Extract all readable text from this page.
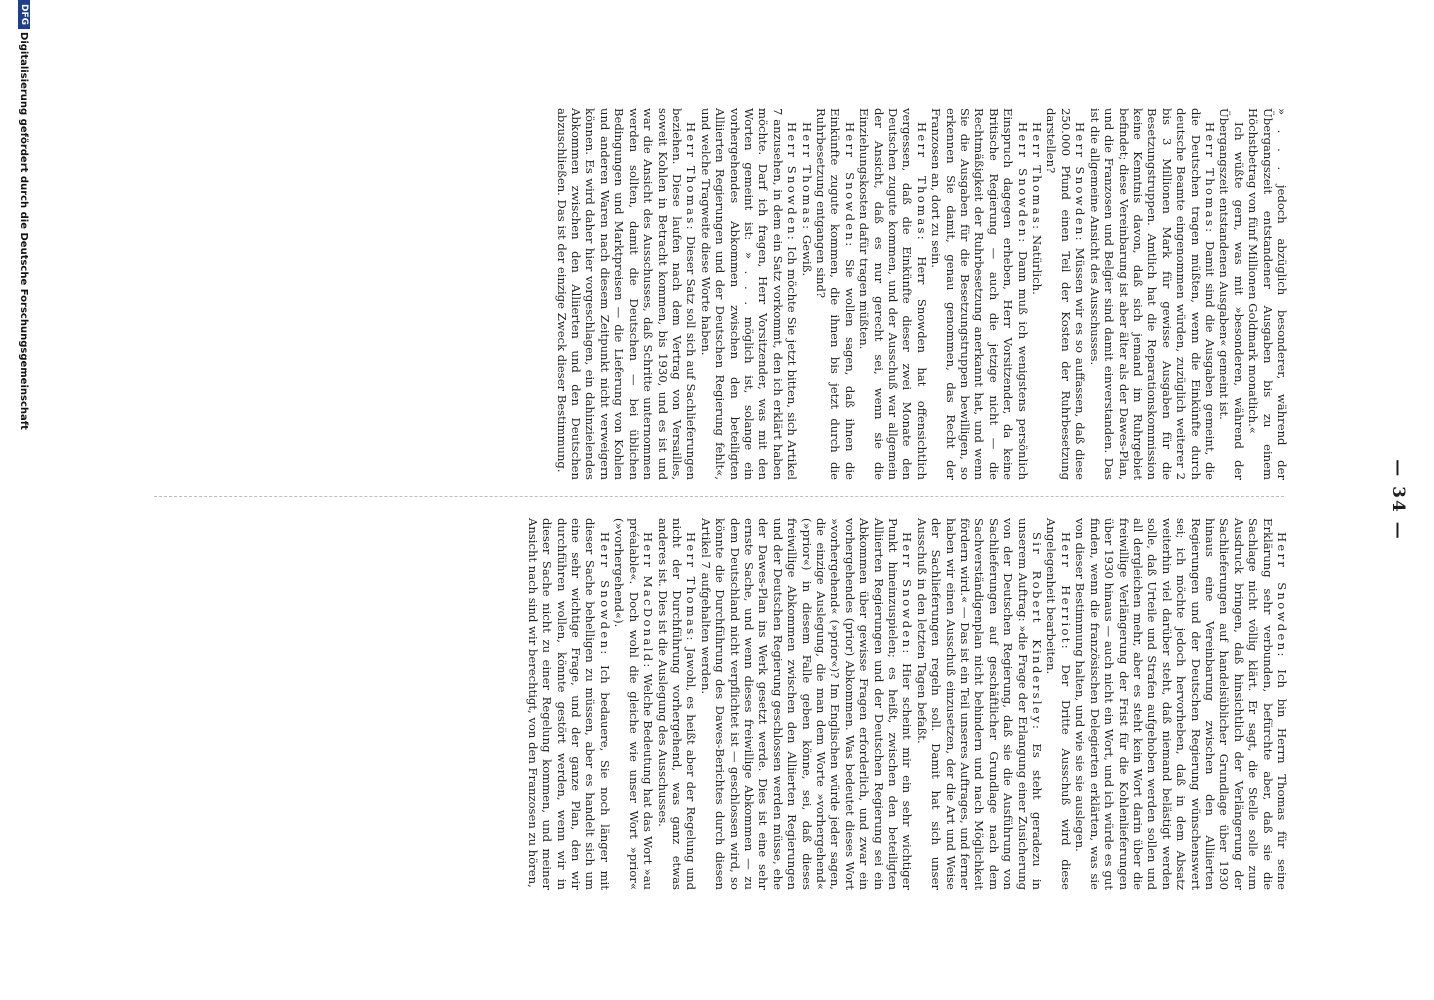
— 34 —

» . . . jedoch abzüglich besonderer, während der Übergangszeit entstandener Ausgaben bis zu einem Höchstbetrag von fünf Millionen Goldmark monatlich.«

Ich wüßte gern, was mit »besonderen, während der Übergangszeit entstandenen Ausgaben« gemeint ist.

Herr Thomas: Damit sind die Ausgaben gemeint, die die Deutschen tragen müßten, wenn die Einkünfte durch deutsche Beamte eingenommen würden, zuzüglich weiterer 2 bis 3 Millionen Mark für gewisse Ausgaben für die Besetzungstruppen. Amtlich hat die Reparationskommission keine Kenntnis davon, daß sich jemand im Ruhrgebiet befindet; diese Vereinbarung ist aber älter als der Dawes-Plan, und die Franzosen und Belgier sind damit einverstanden. Das ist die allgemeine Ansicht des Ausschusses.

Herr Snowden: Müssen wir es so auffassen, daß diese 250.000 Pfund einen Teil der Kosten der Ruhrbesetzung darstellen?

Herr Thomas: Natürlich.

Herr Snowden: Dann muß ich wenigstens persönlich Einspruch dagegen erheben, Herr Vorsitzender, da keine Britische Regierung — auch die jetzige nicht — die Rechtmäßigkeit der Ruhrbesetzung anerkannt hat, und wenn Sie die Ausgaben für die Besetzungstruppen bewilligen, so erkennen Sie damit, genau genommen, das Recht der Franzosen an, dort zu sein.

Herr Thomas: Herr Snowden hat offensichtlich vergessen, daß die Einkünfte dieser zwei Monate den Deutschen zugute kommen, und der Ausschuß war allgemein der Ansicht, daß es nur gerecht sei, wenn sie die Einziehungskosten dafür tragen müßten.

Herr Snowden: Sie wollen sagen, daß ihnen die Einkünfte zugute kommen, die ihnen bis jetzt durch die Ruhrbesetzung entgangen sind?

Herr Thomas: Gewiß.

Herr Snowden: Ich möchte Sie jetzt bitten, sich Artikel 7 anzusehen, in dem ein Satz vorkommt, den ich erklärt haben möchte. Darf ich fragen, Herr Vorsitzender, was mit den Worten gemeint ist: » . . . möglich ist, solange ein vorhergehendes Abkommen zwischen den beteiligten Alliierten Regierungen und der Deutschen Regierung fehlt«, und welche Tragweite diese Worte haben.

Herr Thomas: Dieser Satz soll sich auf Sachlieferungen beziehen. Diese laufen nach dem Vertrag von Versailles, soweit Kohlen in Betracht kommen, bis 1930, und es ist und war die Ansicht des Ausschusses, daß Schritte unternommen werden sollten, damit die Deutschen — bei üblichen Bedingungen und Marktpreisen — die Lieferung von Kohlen und anderen Waren nach diesem Zeitpunkt nicht verweigern können. Es wird daher hier vorgeschlagen, ein dahinzielendes Abkommen zwischen den Alliierten und den Deutschen abzuschließen. Das ist der einzige Zweck dieser Bestimmung.

Herr Snowden: Ich bin Herrn Thomas für seine Erklärung sehr verbunden, befürchte aber, daß sie die Sachlage nicht völlig klärt. Er sagt, die Stelle solle zum Ausdruck bringen, daß hinsichtlich der Verlängerung der Sachlieferungen auf handelsüblicher Grundlage über 1930 hinaus eine Vereinbarung zwischen den Alliierten Regierungen und der Deutschen Regierung wünschenswert sei; ich möchte jedoch hervorheben, daß in dem Absatz weiterhin viel darüber steht, daß niemand belästigt werden solle, daß Urteile und Strafen aufgehoben werden sollen und all dergleichen mehr, aber es steht kein Wort darin über die freiwillige Verlängerung der Frist für die Kohlenlieferungen über 1930 hinaus — auch nicht ein Wort, und ich würde es gut finden, wenn die französischen Delegierten erklärten, was sie von dieser Bestimmung halten, und wie sie sie auslegen.

Herr Herriot: Der Dritte Ausschuß wird diese Angelegenheit bearbeiten.

Sir Robert Kindersley: Es steht geradezu in unserem Auftrag: »die Frage der Erlangung einer Zusicherung von der Deutschen Regierung, daß sie die Ausführung von Sachlieferungen auf geschäftlicher Grundlage nach dem Sachverständigenplan nicht behindern und nach Möglichkeit fördern wird.« — Das ist ein Teil unseres Auftrages, und ferner haben wir einen Ausschuß einzusetzen, der die Art und Weise der Sachlieferungen regeln soll. Damit hat sich unser Ausschuß in den letzten Tagen befaßt.

Herr Snowden: Hier scheint mir ein sehr wichtiger Punkt hineinzuspielen; es heißt, zwischen den beteiligten Alliierten Regierungen und der Deutschen Regierung sei ein Abkommen über gewisse Fragen erforderlich, und zwar ein vorhergehendes (prior) Abkommen. Was bedeutet dieses Wort »vorhergehend« (»prior«)? Im Englischen würde jeder sagen, die einzige Auslegung, die man dem Worte »vorhergehend« (»prior«) in diesem Falle geben könne, sei, daß dieses freiwillige Abkommen zwischen den Alliierten Regierungen und der Deutschen Regierung geschlossen werden müsse, ehe der Dawes-Plan ins Werk gesetzt werde. Dies ist eine sehr ernste Sache, und wenn dieses freiwillige Abkommen — zu dem Deutschland nicht verpflichtet ist — geschlossen wird, so könnte die Durchführung des Dawes-Berichtes durch diesen Artikel 7 aufgehalten werden.

Herr Thomas: Jawohl, es heißt aber der Regelung und nicht der Durchführung vorhergehend, was ganz etwas anderes ist. Dies ist die Auslegung des Ausschusses.

Herr MacDonald: Welche Bedeutung hat das Wort »au préalable«. Doch wohl die gleiche wie unser Wort »prior« (»vorhergehend«).

Herr Snowden: Ich bedauere, Sie noch länger mit dieser Sache behelligen zu müssen, aber es handelt sich um eine sehr wichtige Frage, und der ganze Plan, den wir durchführen wollen, könnte gestört werden, wenn wir in dieser Sache nicht zu einer Regelung kommen, und meiner Ansicht nach sind wir berechtigt, von den Franzosen zu hören,

DFGDigitalisierung gefördert durch die Deutsche Forschungsgemeinschaft
